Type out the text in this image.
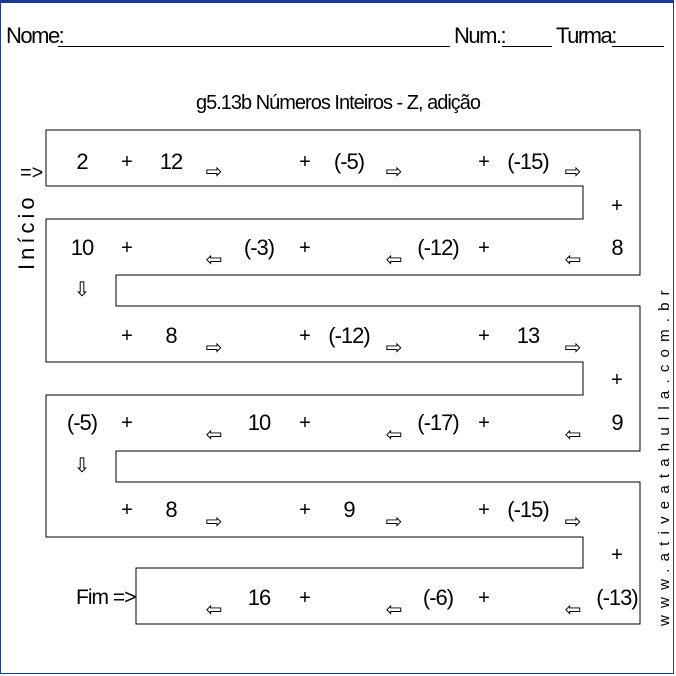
Nome:	Num.: Turma:
g5.13b Números Inteiros - Z, adição
=>
Início
Fim =>	www.ativeatahulla.com.br
2 + 12 ⇨	+ (-5) ⇨	+ (-15) ⇨
+
10 +
⇦ (-3) +
⇦ (-12) +
⇦ 8
⇩
+ 8 ⇨
+ (-12) ⇨
+ 13 ⇨
+
(-5) +
⇦ 10 +
⇦ (-17) +
⇦ 9
⇩
+ 8 ⇨
+ 9 ⇨
+ (-15) ⇨
+
⇦ 16 +
⇦ (-6) +
⇦ (-13)
